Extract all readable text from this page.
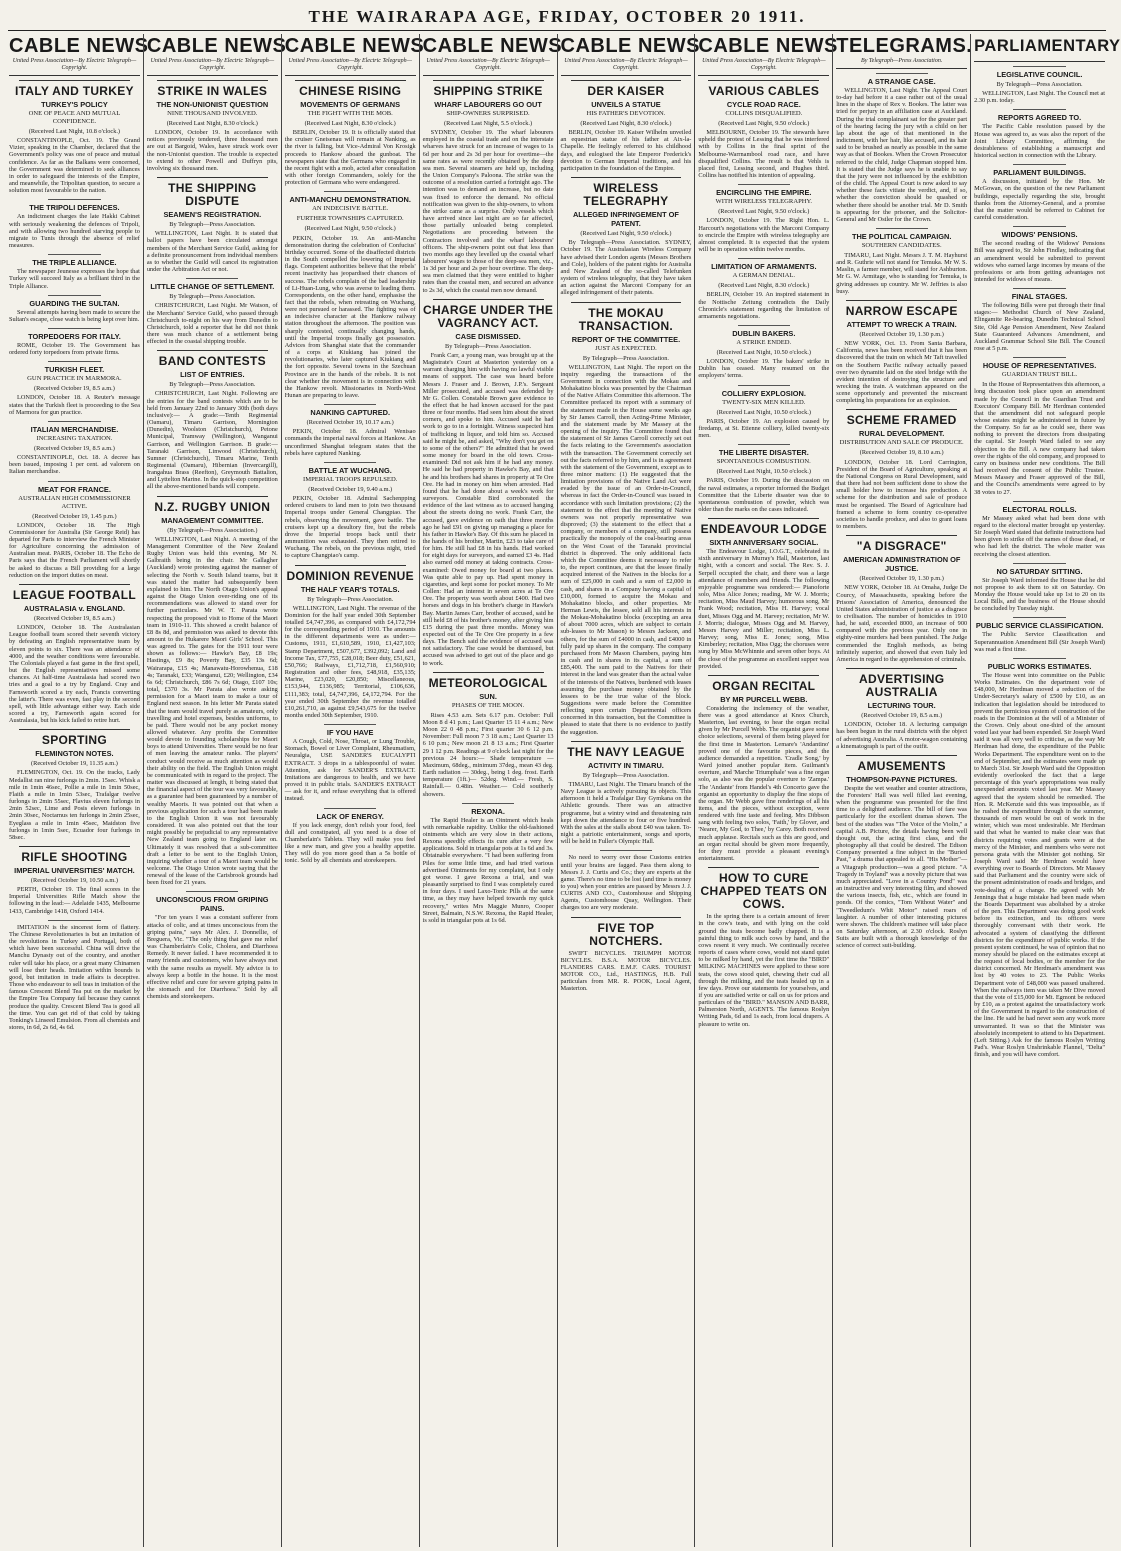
THE WAIRARAPA AGE, FRIDAY, OCTOBER 20 1911.
CABLE NEWS
United Press Association—By Electric Telegraph—Copyright.
ITALY AND TURKEY
TURKEY'S POLICY
ONE OF PEACE AND MUTUAL CONFIDENCE.
(Received Last Night, 10.8 o'clock.)

CONSTANTINOPLE, Oct. 19. The Grand Vizier, speaking in the Chamber, declared that the Government's policy was one of peace and mutual confidence. As far as the Balkans were concerned, the Government was determined to seek alliances in order to safeguard the interests of the Empire, and meanwhile, the Tripolitan question, to secure a solution most favourable to the nation.

THE TRIPOLI DEFENCES.

An indictment charges the late Hakki Cabinet with seriously weakening the defences of Tripoli, and with allowing two hundred starving people to migrate to Tunis through the absence of relief measures.

THE TRIPLE ALLIANCE.

The newspaper Jeunesse expresses the hope that Turkey will succeed Italy as a brilliant third in the Triple Alliance.

GUARDING THE SULTAN.

Several attempts having been made to secure the Sultan's escape, close watch is being kept over him.

TORPEDOERS FOR ITALY.

ROME, October 19. The Government has ordered forty torpedoers from private firms.

TURKISH FLEET.
GUN PRACTICE IN MARMORA.
(Received October 19, 8.5 a.m.)

LONDON, October 18. A Reuter's message states that the Turkish fleet is proceeding to the Sea of Marmora for gun practice.

ITALIAN MERCHANDISE.
INCREASING TAXATION.
(Received October 19, 8.5 a.m.)

CONSTANTINOPLE, Oct. 18. A decree has been issued, imposing 1 per cent. ad valorem on Italian merchandise.

MEAT FOR FRANCE.
AUSTRALIAN HIGH COMMISSIONER ACTIVE.
(Received October 19, 1.45 p.m.)

LONDON, October 18. The High Commissioner for Australia (Sir George Reid) has departed for Paris to interview the French Minister for Agriculture concerning the admission of Australian meat. PARIS, October 18. The Echo de Paris says that the French Parliament will shortly be asked to discuss a Bill providing for a large reduction on the import duties on meat.

LEAGUE FOOTBALL
AUSTRALASIA v. ENGLAND.
(Received October 19, 8.5 a.m.)

LONDON, October 18. The Australasian League football team scored their seventh victory by defeating an English representative team by eleven points to six. There was an attendance of 4000, and the weather conditions were favourable. The Colonials played a fast game in the first spell, but the English representatives missed some chances. At half-time Australasia had scored two tries and a goal to a try by England. Cray and Farnsworth scored a try each, Francis converting the latter's. There was even, fast play in the second spell, with little advantage either way. Each side scored a try, Farnsworth again scored for Australasia, but his kick failed to retire hurt.

SPORTING
FLEMINGTON NOTES.
(Received October 19, 11.35 a.m.)

FLEMINGTON, Oct. 19. On the tracks, Lady Medallist ran nine furlongs in 2min. 15sec. Whisk a mile in 1min 46sec, Pollie a mile in 1min 50sec, Flaith a mile in 1min 53sec, Trafalgar twelve furlongs in 2min 55sec, Flavius eleven furlongs in 2min 52sec, Lime and Posis eleven furlongs in 2min 30sec, Noctarnus ten furlongs in 2min 25sec, Eyeglass a mile in 1min 45sec, Maidston five furlongs in 1min 5sec, Ecuador four furlongs in 58sec.

RIFLE SHOOTING
IMPERIAL UNIVERSITIES' MATCH.
(Received October 19, 10.50 a.m.)

PERTH, October 19. The final scores in the Imperial Universities Rifle Match show the following in the lead:— Adelaide 1435, Melbourne 1433, Cambridge 1418, Oxford 1414.

IMITATION is the sincerest form of flattery. The Chinese Revolutionaries is but an imitation of the revolutions in Turkey and Portugal, both of which have been successful. China will drive the Manchu Dynasty out of the country, and another ruler will take his place, or a great many Chinamen will lose their heads. Imitation within bounds is good, but imitation in trade affairs is deceptive. Those who endeavour to sell teas in imitation of the famous Crescent Blend Tea put on the market by the Empire Tea Company fail because they cannot produce the quality. Crescent Blend Tea is good all the time. You can get rid of that cold by taking Tonking's Linseed Emulsion. From all chemists and stores, in 6d, 2s 6d, 4s 6d.

CABLE NEWS
United Press Association—By Electric Telegraph—Copyright.
STRIKE IN WALES
THE NON-UNIONIST QUESTION
NINE THOUSAND INVOLVED.
(Received Last Night, 8.30 o'clock.)

LONDON, October 19. In accordance with notices previously tendered, three thousand men are out at Bargoid, Wales, have struck work over the non-Unionist question. The trouble is expected to extend to other Powell and Duffryn pits, involving six thousand men.

THE SHIPPING DISPUTE
SEAMEN'S REGISTRATION.
By Telegraph—Press Association.

WELLINGTON, Last Night. It is stated that ballot papers have been circulated amongst members of the Merchant Service Guild, asking for a definite pronouncement from individual members as to whether the Guild will cancel its registration under the Arbitration Act or not.

LITTLE CHANGE OF SETTLEMENT.
By Telegraph—Press Association.

CHRISTCHURCH, Last Night. Mr Watson, of the Merchants' Service Guild, who passed through Christchurch to-night on his way from Dunedin to Christchurch, told a reporter that he did not think there was much chance of a settlement being effected in the coastal shipping trouble.

BAND CONTESTS
LIST OF ENTRIES.
By Telegraph—Press Association.

CHRISTCHURCH, Last Night. Following are the entries for the band contests which are to be held from January 22nd to January 30th (both days inclusive):— A grade:—Tenth Regimental (Oamaru), Timaru Garrison, Mornington (Dunedin), Woolston (Christchurch), Petone Municipal, Tramway (Wellington), Wanganui Garrison, and Wellington Garrison. B grade:—Taranaki Garrison, Linwood (Christchurch), Sumner (Christchurch), Timaru Marine, Tenth Regimental (Oamaru), Hibernian (Invercargill), Irangahua Brass (Reefton), Greymouth Battalion, and Lyttelton Marine. In the quick-step competition all the above-mentioned bands will compete.

N.Z. RUGBY UNION
MANAGEMENT COMMITTEE.
(By Telegraph—Press Association.)

WELLINGTON, Last Night. A meeting of the Management Committee of the New Zealand Rugby Union was held this evening, Mr N. Galbraith being in the chair. Mr Gallagher (Auckland) wrote protesting against the manner of selecting the North v. South Island teams, but it was stated the matter had subsequently been explained to him. The North Otago Union's appeal against the Otago Union over-riding one of its recommendations was allowed to stand over for further particulars. Mr W. T. Parata wrote respecting the proposed visit to Home of the Maori team in 1910-11. This showed a credit balance of £8 8s 8d, and permission was asked to devote this amount to the Hukarere Maori Girls' School. This was agreed to. The gates for the 1911 tour were shown as follows:— Hawke's Bay, £8 19s; Hastings, £9 8s; Poverty Bay, £35 13s 6d; Wairarapa, £15 4s; Manawatu-Horowhenua, £18 4s; Taranaki, £33; Wanganui, £20; Wellington, £34 6s 6d; Christchurch, £86 7s 6d; Otago, £107 10s; total, £370 3s. Mr Parata also wrote asking permission for a Maori team to make a tour of England next season. In his letter Mr Parata stated that the team would travel purely as amateurs, only travelling and hotel expenses, besides uniforms, to be paid. There would not be any pocket money allowed whatever. Any profits the Committee would devote to founding scholarships for Maori boys to attend Universities. There would be no fear of men leaving the amateur ranks. The players' conduct would receive as much attention as would their ability on the field. The English Union might be communicated with in regard to the project. The matter was discussed at length, it being stated that the financial aspect of the tour was very favourable, as a guarantee had been guaranteed by a number of wealthy Maoris. It was pointed out that when a previous application for such a tour had been made to the English Union it was not favourably considered. It was also pointed out that the tour might possibly be prejudicial to any representative New Zealand team going to England later on. Ultimately it was resolved that a sub-committee draft a letter to be sent to the English Union, inquiring whether a tour of a Maori team would be welcome. The Otago Union wrote saying that the renewal of the lease of the Carisbrook grounds had been fixed for 21 years.

UNCONSCIOUS FROM GRIPING PAINS.

"For ten years I was a constant sufferer from attacks of colic, and at times unconscious from the griping pains," says Mr Alex. J. Donnellie, of Breguera, Vic. "The only thing that gave me relief was Chamberlain's Colic, Cholera, and Diarrhoea Remedy. It never failed. I have recommended it to many friends and customers, who have always met with the same results as myself. My advice is to always keep a bottle in the house. It is the most effective relief and cure for severe griping pains in the stomach and for Diarrhoea." Sold by all chemists and storekeepers.

CABLE NEWS
United Press Association—By Electric Telegraph—Copyright.
CHINESE RISING
MOVEMENTS OF GERMANS
THE FIGHT WITH THE MOB.
(Received Last Night, 8.30 o'clock.)

BERLIN, October 19. It is officially stated that the cruiser Gneisenau will remain at Nanking, as the river is falling, but Vice-Admiral Von Krosigk proceeds to Hankow aboard the gunboat. The newspapers state that the Germans who engaged in the recent fight with a mob, acted after consultation with other foreign Commanders, solely for the protection of Germans who were endangered.

ANTI-MANCHU DEMONSTRATION.
AN INDECISIVE BATTLE.
FURTHER TOWNSHIPS CAPTURED.
(Received Last Night, 9.50 o'clock.)

PEKIN, October 19. An anti-Manchu demonstration during the celebration of Confucius' birthday occurred. Some of the disaffected districts in the South compelled the lowering of Imperial flags. Competent authorities believe that the rebels' recent inactivity has jeopardised their chances of success. The rebels complain of the bad leadership of Li-Huan-Lung, who was averse to leading them. Correspondents, on the other hand, emphasise the fact that the rebels, when retreating on Wuchang, were not pursued or harassed. The fighting was of an indecisive character at the Hankow railway station throughout the afternoon. The position was sharply contested, continually changing hands, until the Imperial troops finally got possession. Advices from Shanghai state that the commander of a corps at Kiukiang has joined the revolutionaries, who later captured Kiukiang and the fort opposite. Several towns in the Szechuan Province are in the hands of the rebels. It is not clear whether the movement is in connection with the Hankow revolt. Missionaries in North-West Hunan are preparing to leave.

NANKING CAPTURED.
(Received October 19, 10.17 a.m.)

PEKIN, October 18. Admiral Wenisao commands the imperial naval forces at Hankow. An unconfirmed Shanghai telegram states that the rebels have captured Nanking.

BATTLE AT WUCHANG.
IMPERIAL TROOPS REPULSED.
(Received October 19, 9.40 a.m.)

PEKIN, October 18. Admiral Sachenpping ordered cruisers to land men to join two thousand Imperial troops under General Changpiao. The rebels, observing the movement, gave battle. The cruisers kept up a desultory fire, but the rebels drove the Imperial troops back until their ammunition was exhausted. They then retired to Wuchang. The rebels, on the previous night, tried to capture Changpiao's camp.

DOMINION REVENUE
THE HALF YEAR'S TOTALS.
By Telegraph—Press Association.

WELLINGTON, Last Night. The revenue of the Dominion for the half year ended 30th September totalled £4,747,396, as compared with £4,172,794 for the corresponding period of 1910. The amounts in the different departments were as under:— Customs, 1911, £1,610,589, 1910, £1,427,103; Stamp Department, £507,677, £392,092; Land and Income Tax, £77,755, £28,018; Beer duty, £51,621, £50,766; Railways, £1,712,718, £1,560,910; Registration and other fees, £48,918, £35,135; Marine, £23,020, £20,850; Miscellaneous, £153,944, £136,985; Territorial, £106,636, £111,383; total, £4,747,396, £4,172,794. For the year ended 30th September the revenue totalled £10,261,710, as against £9,543,675 for the twelve months ended 30th September, 1910.

IF YOU HAVE

A Cough, Cold, Nose, Throat, or Lung Trouble, Stomach, Bowel or Liver Complaint, Rheumatism, Neuralgia, USE SANDER'S EUCALYPTI EXTRACT. 3 drops in a tablespoonful of water. Attention, ask for SANDER'S EXTRACT. Imitations are dangerous to health, and we have proved it in public trials. SANDER'S EXTRACT — ask for it, and refuse everything that is offered instead.

LACK OF ENERGY.

If you lack energy, don't relish your food, feel dull and constipated, all you need is a dose of Chamberlain's Tablets. They will make you feel like a new man, and give you a healthy appetite. They will do you more good than a 5s bottle of tonic. Sold by all chemists and storekeepers.

CABLE NEWS
United Press Association—By Electric Telegraph—Copyright.
SHIPPING STRIKE
WHARF LABOURERS GO OUT
SHIP-OWNERS SURPRISED.
(Received Last Night, 5.5 o'clock.)

SYDNEY, October 19. The wharf labourers employed in the coastal trade and on the interstate wharves have struck for an increase of wages to 1s 6d per hour and 2s 3d per hour for overtime—the same rates as were recently obtained by the deep sea men. Several steamers are held up, including the Union Company's Paloona. The strike was the outcome of a resolution carried a fortnight ago. The intention was to demand an increase, but no date was fixed to enforce the demand. No official notification was given to the ship-owners, to whom the strike came as a surprise. Only vessels which have arrived since last night are so far affected, those partially unloaded being completed. Negotiations are proceeding between the Contractors involved and the wharf labourers' officers. The ship-owners point out that less than two months ago they levelled up the coastal wharf labourers' wages to those of the deep-sea men, viz., 1s 3d per hour and 2s per hour overtime. The deep-sea men claimed that they were entitled to higher rates than the coastal men, and secured an advance to 2s 3d, which the coastal men now demand.

CHARGE UNDER THE VAGRANCY ACT.
CASE DISMISSED.
By Telegraph—Press Association.

Frank Carr, a young man, was brought up at the Magistrate's Court at Masterton yesterday on a warrant charging him with having no lawful visible means of support. The case was heard before Messrs J. Fraser and J. Brown, J.P.'s. Sergeant Miller prosecuted, and accused was defended by Mr G. Collen. Constable Brown gave evidence to the effect that he had known accused for the past three or four months. Had seen him about the street corners, and spoke to him. Accused said he had work to go to in a fortnight. Witness suspected him of trafficking in liquor, and told him so. Accused said he might be, and asked, "Why don't you get on to some of the others?" He admitted that he owed some money for board in the old town. Cross-examined: Did not ask him if he had any money. He said he had property in Hawke's Bay, and that he and his brothers had shares in property at Te Ore Ore. He had in money on him when arrested. Had found that he had done about a week's work for surveyors. Constable Bird corroborated the evidence of the last witness as to accused hanging about the streets doing no work. Frank Carr, the accused, gave evidence on oath that three months ago he had £91 on giving up managing a place for his father in Hawke's Bay. Of this sum he placed in the hands of his brother, Martin, £23 to take care of for him. He still had £8 in his hands. Had worked for eight days for surveyors, and earned £3 4s. Had also earned odd money at taking contracts. Cross-examined: Owed money for board at two places. Was quite able to pay up. Had spent money in cigarettes, and kept some for pocket money. To Mr Collen: Had an interest in seven acres at Te Ore Ore. The property was worth about £400. Had two horses and dogs in his brother's charge in Hawke's Bay. Martin James Carr, brother of accused, said he still held £8 of his brother's money, after giving him £15 during the past three months. Money was expected out of the Te Ore Ore property in a few days. The Bench said the evidence of accused was not satisfactory. The case would be dismissed, but accused was advised to get out of the place and go to work.

METEOROLOGICAL
SUN.
PHASES OF THE MOON.

Rises 4.53 a.m. Sets 6.17 p.m. October: Full Moon 8 d 41 p.m.; Last Quarter 15 11 4 a.m.; New Moon 22 0 48 p.m.; First quarter 30 6 12 p.m. November: Full moon 7 3 18 a.m.; Last Quarter 13 6 10 p.m.; New moon 21 8 13 a.m.; First Quarter 29 1 12 p.m. Readings at 9 o'clock last night for the previous 24 hours:— Shade temperature — Maximum, 68deg., minimum 37deg., mean 43 deg. Earth radiation — 30deg., being 1 deg. frost. Earth temperature (1ft.)— 52deg. Wind.— Fresh, S. Rainfall.— 0.48in. Weather.— Cold southerly showers.

REXONA.

The Rapid Healer is an Ointment which heals with remarkable rapidity. Unlike the old-fashioned ointments which are very slow in their actions, Rexona speedily effects its cure after a very few applications. Sold in triangular pots at 1s 6d and 3s. Obtainable everywhere. "I had been suffering from Piles for some little time, and had tried various advertised Ointments for my complaint, but I only got worse. I gave Rexona a trial, and was pleasantly surprised to find I was completely cured in four days. I used Laxo-Tonic Pills at the same time, as they may have helped towards my quick recovery," writes Mrs Maggie Munro, Cooper Street, Balmain, N.S.W. Rexona, the Rapid Healer, is sold in triangular pots at 1s 6d.

CABLE NEWS
United Press Association—By Electric Telegraph—Copyright.
DER KAISER
UNVEILS A STATUE
HIS FATHER'S DEVOTION.
(Received Last Night, 8.30 o'clock.)

BERLIN, October 19. Kaiser Wilhelm unveiled an equestrian statue of his father at Aix-la-Chapelle. He feelingly referred to his childhood days, and eulogised the late Emperor Frederick's devotion to German Imperial traditions, and his participation in the foundation of the Empire.

WIRELESS TELEGRAPHY
ALLEGED INFRINGEMENT OF PATENT.
(Received Last Night, 9.50 o'clock.)

By Telegraph—Press Association. SYDNEY, October 19. The Australasian Wireless Company have advised their London agents (Messrs Brothers and Cole), holders of the patent rights for Australia and New Zealand of the so-called Telefunken system of wireless telegraphy, that they have taken an action against the Marconi Company for an alleged infringement of their patents.

THE MOKAU TRANSACTION.
REPORT OF THE COMMITTEE.
JUST AS EXPECTED.
By Telegraph—Press Association.

WELLINGTON, Last Night. The report on the inquiry regarding the transactions of the Government in connection with the Mokau and Mohakatino blocks was presented by the Chairman of the Native Affairs Committee this afternoon. The Committee prefaced its report with a summary of the statement made in the House some weeks ago by Sir James Carroll, then Acting-Prime Minister, and the statement made by Mr Massey at the opening of the inquiry. The Committee found that the statement of Sir James Carroll correctly set out the facts relating to the Government's association with the transaction. The Government correctly set out the facts referred to by him, and is in agreement with the statement of the Government, except as to three minor matters: (1) He suggested that the limitation provisions of the Native Land Act were evaded by the issue of an Order-in-Council, whereas in fact the Order-in-Council was issued in accordance with such limitation provisions; (2) the statement to the effect that the meeting of Native owners was not properly representative was disproved; (3) the statement to the effect that a company, or members of a company, still possess practically the monopoly of the coal-bearing areas on the West Coast of the Taranaki provincial district is disproved. The only additional facts which the Committee deems it necessary to refer to, the report continues, are that the lessee finally acquired interest of the Natives in the blocks for a sum of £25,000 in cash and a sum of £2,000 in cash, and shares in a Company having a capital of £10,000, formed to acquire the Mokau and Mohakatino blocks, and other properties. Mr Herman Lewis, the lessee, sold all his interests in the Mokau-Mohakatino blocks (excepting an area of about 7000 acres, which are subject to certain sub-leases to Mr Mason) to Messrs Jackson, and others, for the sum of £4000 in cash, and £4000 in fully paid up shares in the company. The company purchased from Mr Mason Chambers, paying him in cash and in shares in its capital, a sum of £85,400. The sum paid to the Natives for their interest in the land was greater than the actual value of the interests of the Natives, burdened with leases assuming the purchase money obtained by the lessees to be the true value of the block. Suggestions were made before the Committee reflecting upon certain Departmental officers concerned in this transaction, but the Committee is pleased to state that there is no evidence to justify the suggestion.

THE NAVY LEAGUE
ACTIVITY IN TIMARU.
By Telegraph—Press Association.

TIMARU, Last Night. The Timaru branch of the Navy League is actively pursuing its objects. This afternoon it held a Trafalgar Day Gymkana on the Athletic grounds. There was an attractive programme, but a wintry wind and threatening rain kept down the attendance to four or five hundred. With the sales at the stalls about £40 was taken. To-night a patriotic entertainment, songs and sports, will be held in Fuller's Olympic Hall.

No need to worry over those Customs entries until your brains are fagged. Pass them along to Messrs J. J. Curtis and Co.; they are experts at the game. There's no time to be lost (and time is money to you) when your entries are passed by Messrs J. J. CURTIS AND CO., Customhouse and Shipping Agents, Customhouse Quay, Wellington. Their charges too are very moderate.

FIVE TOP NOTCHERS.

SWIFT BICYCLES. TRIUMPH MOTOR BICYCLES. B.S.A. MOTOR BICYCLES. FLANDERS CARS. E.M.F. CARS. TOURIST MOTOR CO., Ltd., HASTINGS, H.B. Full particulars from MR. R. POOK, Local Agent, Masterton.

CABLE NEWS
United Press Association—By Electric Telegraph—Copyright.
VARIOUS CABLES
CYCLE ROAD RACE.
COLLINS DISQUALIFIED.
(Received Last Night, 9.50 o'clock.)

MELBOURNE, October 19. The stewards have upheld the protest of Lessing that he was interfered with by Collins in the final sprint of the Melbourne-Warrnambool road race, and have disqualified Collins. The result is that Vehls is placed first, Lessing second, and Hughes third. Collins has notified his intention of appealing.

ENCIRCLING THE EMPIRE.
WITH WIRELESS TELEGRAPHY.
(Received Last Night, 9.50 o'clock.)

LONDON, October 19. The Right Hon. L. Harcourt's negotiations with the Marconi Company to encircle the Empire with wireless telegraphy are almost completed. It is expected that the system will be in operation within twelve months.

LIMITATION OF ARMAMENTS.
A GERMAN DENIAL.
(Received Last Night, 8.30 o'clock.)

BERLIN, October 19. An inspired statement in the Nottische Zeitung contradicts the Daily Chronicle's statement regarding the limitation of armaments negotiations.

DUBLIN BAKERS.
A STRIKE ENDED.
(Received Last Night, 10.50 o'clock.)

LONDON, October 19. The bakers' strike in Dublin has ceased. Many resumed on the employers' terms.

COLLIERY EXPLOSION.
TWENTY-SIX MEN KILLED.
(Received Last Night, 10.50 o'clock.)

PARIS, October 19. An explosion caused by firedamp, at St. Etienne colliery, killed twenty-six men.

THE LIBERTE DISASTER.
SPONTANEOUS COMBUSTION.
(Received Last Night, 10.50 o'clock.)

PARIS, October 19. During the discussion on the naval estimates, a reporter informed the Budget Committee that the Liberte disaster was due to spontaneous combustion of powder, which was older than the marks on the cases indicated.

ENDEAVOUR LODGE
SIXTH ANNIVERSARY SOCIAL.

The Endeavour Lodge, I.O.G.T., celebrated its sixth anniversary in Murray's Hall, Masterton, last night, with a concert and social. The Rev. S. J. Serpell occupied the chair, and there was a large attendance of members and friends. The following enjoyable programme was rendered:— Pianoforte solo, Miss Alice Jones; reading, Mr W. J. Morris; recitation, Miss Maud Harvey; humorous song, Mr Frank Wood; recitation, Miss H. Harvey; vocal duet, Misses Ogg and M. Harvey; recitation, Mr W. J. Morris; dialogue, Misses Ogg and M. Harvey, Messrs Harvey and Miller; recitation, Miss L. Harvey; song, Miss E. Jones; song, Miss Kimberley; recitation, Miss Ogg; the choruses were sung by Miss McWhinnie and seven other boys. At the close of the programme an excellent supper was provided.

ORGAN RECITAL
BY MR PURCELL WEBB.

Considering the inclemency of the weather, there was a good attendance at Knox Church, Masterton, last evening, to hear the organ recital given by Mr Purcell Webb. The organist gave some choice selections, several of them being played for the first time in Masterton. Lemare's 'Andantino' proved one of the favourite pieces, and the audience demanded a repetition. 'Cradle Song,' by Ward joined another popular item. Guilmant's overture, and 'Marche Triumphale' was a fine organ solo, as also was the popular overture to 'Zampa.' The 'Andante' from Handel's 4th Concerto gave the organist an opportunity to display the fine stops of the organ. Mr Webb gave fine renderings of all his items, and the pieces, without exception, were rendered with fine taste and feeling. Mrs Dibbson sang with feeling two solos, 'Faith,' by Glover, and 'Nearer, My God, to Thee,' by Carey. Both received much applause. Recitals such as this are good, and an organ recital should be given more frequently, for they must provide a pleasant evening's entertainment.

HOW TO CURE CHAPPED TEATS ON COWS.

In the spring there is a certain amount of fever in the cow's teats, and with lying on the cold ground the teats become badly chapped. It is a painful thing to milk such cows by hand, and the cows resent it very much. We continually receive reports of cases where cows, would not stand quiet to be milked by hand, yet the first time the "BIRD" MILKING MACHINES were applied to these sore teats, the cows stood quiet, chewing their cud all through the milking, and the teats healed up in a few days. Prove our statements for yourselves, and if you are satisfied write or call on us for prices and particulars of the "BIRD." MANSON AND BARR, Palmerston North, AGENTS. The famous Roslyn Writing Pads, 6d and 1s each, from local drapers. A pleasure to write on.

TELEGRAMS.
By Telegraph—Press Association.
A STRANGE CASE.

WELLINGTON, Last Night. The Appeal Court to-day had before it a case rather out of the usual lines in the shape of Rex v. Bookes. The latter was tried for perjury in an affiliation case at Auckland. During the trial complainant sat for the greater part of the hearing facing the jury with a child on her lap about the age of that mentioned in the indictment, with her hair, like accused, and its hair said to be brushed as nearly as possible in the same way as that of Bookes. When the Crown Prosecutor referred to the child, Judge Chapman stopped him. It is stated that the Judge says he is unable to say that the jury were not influenced by the exhibition of the child. The Appeal Court is now asked to say whether these facts vitiate the verdict, and, if so, whether the conviction should be quashed or whether there should be another trial. Mr D. Smith is appearing for the prisoner, and the Solicitor-General and Mr Ostler for the Crown.

THE POLITICAL CAMPAIGN.
SOUTHERN CANDIDATES.

TIMARU, Last Night. Messrs J. T. M. Hayhurst and R. Guthrie will not stand for Temuka. Mr W. S. Maslin, a farmer member, will stand for Ashburton. Mr G. W. Armitage, who is standing for Temuka, is giving addresses up country. Mr W. Jeffries is also busy.

NARROW ESCAPE
ATTEMPT TO WRECK A TRAIN.
(Received October 19, 1.30 p.m.)

NEW YORK, Oct. 13. From Santa Barbara, California, news has been received that it has been discovered that the train on which Mr Taft travelled on the Southern Pacific railway actually passed over two dynamite laid on the steel bridge with the evident intention of destroying the structure and wrecking the train. A watchman appeared on the scene opportunely and prevented the miscreant completing his preparations for an explosion.

SCHEME FRAMED
RURAL DEVELOPMENT.
DISTRIBUTION AND SALE OF PRODUCE.
(Received October 19, 8.10 a.m.)

LONDON, October 18. Lord Carrington, President of the Board of Agriculture, speaking at the National Congress on Rural Development, said that there had not been sufficient done to show the small holder how to increase his production. A scheme for the distribution and sale of produce must be organised. The Board of Agriculture had framed a scheme to form country co-operative societies to handle produce, and also to grant loans to members.

"A DISGRACE"
AMERICAN ADMINISTRATION OF JUSTICE.
(Received October 19, 1.30 p.m.)

NEW YORK, October 18. At Omaha, Judge De Courcy, of Massachusetts, speaking before the Prisons' Association of America, denounced the United States administration of justice as a disgrace to civilisation. The number of homicides in 1910 had, he said, exceeded 8000, an increase of 900 compared with the previous year. Only one in eighty-nine murders had been punished. The Judge commended the English methods, as being infinitely superior, and showed that even Italy led America in regard to the apprehension of criminals.

ADVERTISING AUSTRALIA
LECTURING TOUR.
(Received October 19, 8.5 a.m.)

LONDON, October 18. A lecturing campaign has been begun in the rural districts with the object of advertising Australia. A motor-wagon containing a kinematograph is part of the outfit.

AMUSEMENTS
THOMPSON-PAYNE PICTURES.

Despite the wet weather and counter attractions, the Foresters' Hall was well filled last evening, when the programme was presented for the first time to a delighted audience. The bill of fare was particularly for the excellent dramas shown. The best of the studies was "The Voice of the Violin," a capital A.B. Picture, the details having been well thought out, the acting first class, and the photography all that could be desired. The Edison Company presented a fine subject in the "Buried Past," a drama that appealed to all. "His Mother"—a Vitagraph production—was a good picture. "A Tragedy in Toyland" was a novelty picture that was much appreciated. "Love in a Country Pond" was an instructive and very interesting film, and showed the various insects, fish, etc., which are found in ponds. Of the comics, "Tom Without Water" and "Tweedledum's Whit Motor" raised roars of laughter. A number of other interesting pictures were shown. The children's matinee will take place on Saturday afternoon, at 2.30 o'clock. Roslyn Suits are built with a thorough knowledge of the science of correct suit-building.

PARLIAMENTARY
LEGISLATIVE COUNCIL.
By Telegraph—Press Association.

WELLINGTON, Last Night. The Council met at 2.30 p.m. today.

REPORTS AGREED TO.

The Pacific Cable resolution passed by the House was agreed to, as was also the report of the Joint Library Committee, affirming the desirableness of establishing a manuscript and historical section in connection with the Library.

PARLIAMENT BUILDINGS.

A discussion, initiated by the Hon. Mr McGowan, on the question of the new Parliament buildings, especially regarding the site, brought thanks from the Attorney-General, and a promise that the matter would be referred to Cabinet for careful consideration.

WIDOWS' PENSIONS.

The second reading of the Widows' Pensions Bill was agreed to, Sir John Findlay, indicating that an amendment would be submitted to prevent widows who earned large incomes by means of the professions or arts from getting advantages not intended for widows of means.

FINAL STAGES.

The following Bills were put through their final stages:— Methodist Church of New Zealand, Elingamite Re-bearing, Dunedin Technical School Site, Old Age Pension Amendment, New Zealand State Guaranteed Advances Amendment, and Auckland Grammar School Site Bill. The Council rose at 5 p.m.

HOUSE OF REPRESENTATIVES.
GUARDIAN TRUST BILL.

In the House of Representatives this afternoon, a long discussion took place upon an amendment made by the Council in the Guardian Trust and Executors' Company Bill. Mr Herdman contended that the amendment did not safeguard people whose estates might be administered in future by the Company. So far as he could see, there was nothing to prevent the directors from dissipating the capital. Sir Joseph Ward failed to see any objection to the Bill. A new company had taken over the rights of the old company, and proposed to carry on business under new conditions. The Bill had received the consent of the Public Trustee. Messrs Massey and Fraser approved of the Bill, and the Council's amendments were agreed to by 38 votes to 27.

ELECTORAL ROLLS.

Mr Massey asked what had been done with regard to the electoral matter brought up yesterday. Sir Joseph Ward stated that definite instructions had been given to strike off the names of those dead, or who had left the district. The whole matter was receiving the closest attention.

NO SATURDAY SITTING.

Sir Joseph Ward informed the House that he did not propose to ask them to sit on Saturday. On Monday the House would take up 1st to 20 on its Local Bills, and the business of the House should be concluded by Tuesday night.

PUBLIC SERVICE CLASSIFICATION.

The Public Service Classification and Superannuation Amendment Bill (Sir Joseph Ward) was read a first time.

PUBLIC WORKS ESTIMATES.

The House went into committee on the Public Works Estimates. On the department vote of £48,000, Mr Herdman moved a reduction of the Under-Secretary's salary of £500 by £10, as an indication that legislation should be introduced to prevent the pernicious system of construction of the roads in the Dominion at the will of a Minister of the Crown. Only about one-third of the amount voted last year had been expended. Sir Joseph Ward said it was all very well to criticise, as the way Mr Herdman had done, the expenditure of the Public Works Department. The expenditure went on to the end of September, and the estimates were made up to March 31st. Sir Joseph Ward said the Opposition evidently overlooked the fact that a large percentage of this year's appropriations was really unexpended amounts voted last year. Mr Massey agreed that the system should be remedied. The Hon. R. McKenzie said this was impossible, as if he rushed the expenditure through in the summer, thousands of men would be out of work in the winter, which was most undesirable. Mr Herdman said that what he wanted to make clear was that districts requiring votes and grants were at the mercy of the Minister, and members who were not persona grata with the Minister got nothing. Sir Joseph Ward said Mr Herdman would have everything over to Boards of Directors. Mr Massey said that Parliament and the country were sick of the present administration of roads and bridges, and vote-dealing of a change. He agreed with Mr Jennings that a huge mistake had been made when the Boards Department was abolished by a stroke of the pen. This Department was doing good work before its extinction, and its officers were thoroughly conversant with their work. He advocated a system of classifying the different districts for the expenditure of public works. If the present system continued, he was of opinion that no money should be placed on the estimates except at the request of local bodies, or the member for the district concerned. Mr Herdman's amendment was lost by 40 votes to 23. The Public Works Department vote of £48,000 was passed unaltered. When the railways item was taken Mr Dive moved that the vote of £15,000 for Mt. Egmont be reduced by £10, as a protest against the unsatisfactory work of the Government in regard to the construction of the line. He said he had never seen any work more unwarranted. It was so that the Minister was absolutely incompetent to attend to his Department. (Left Sitting.) Ask for the famous Roslyn Writing Pad's. Wear Roslyn Unshrinkable Flannel, "Delta" finish, and you will have comfort.
